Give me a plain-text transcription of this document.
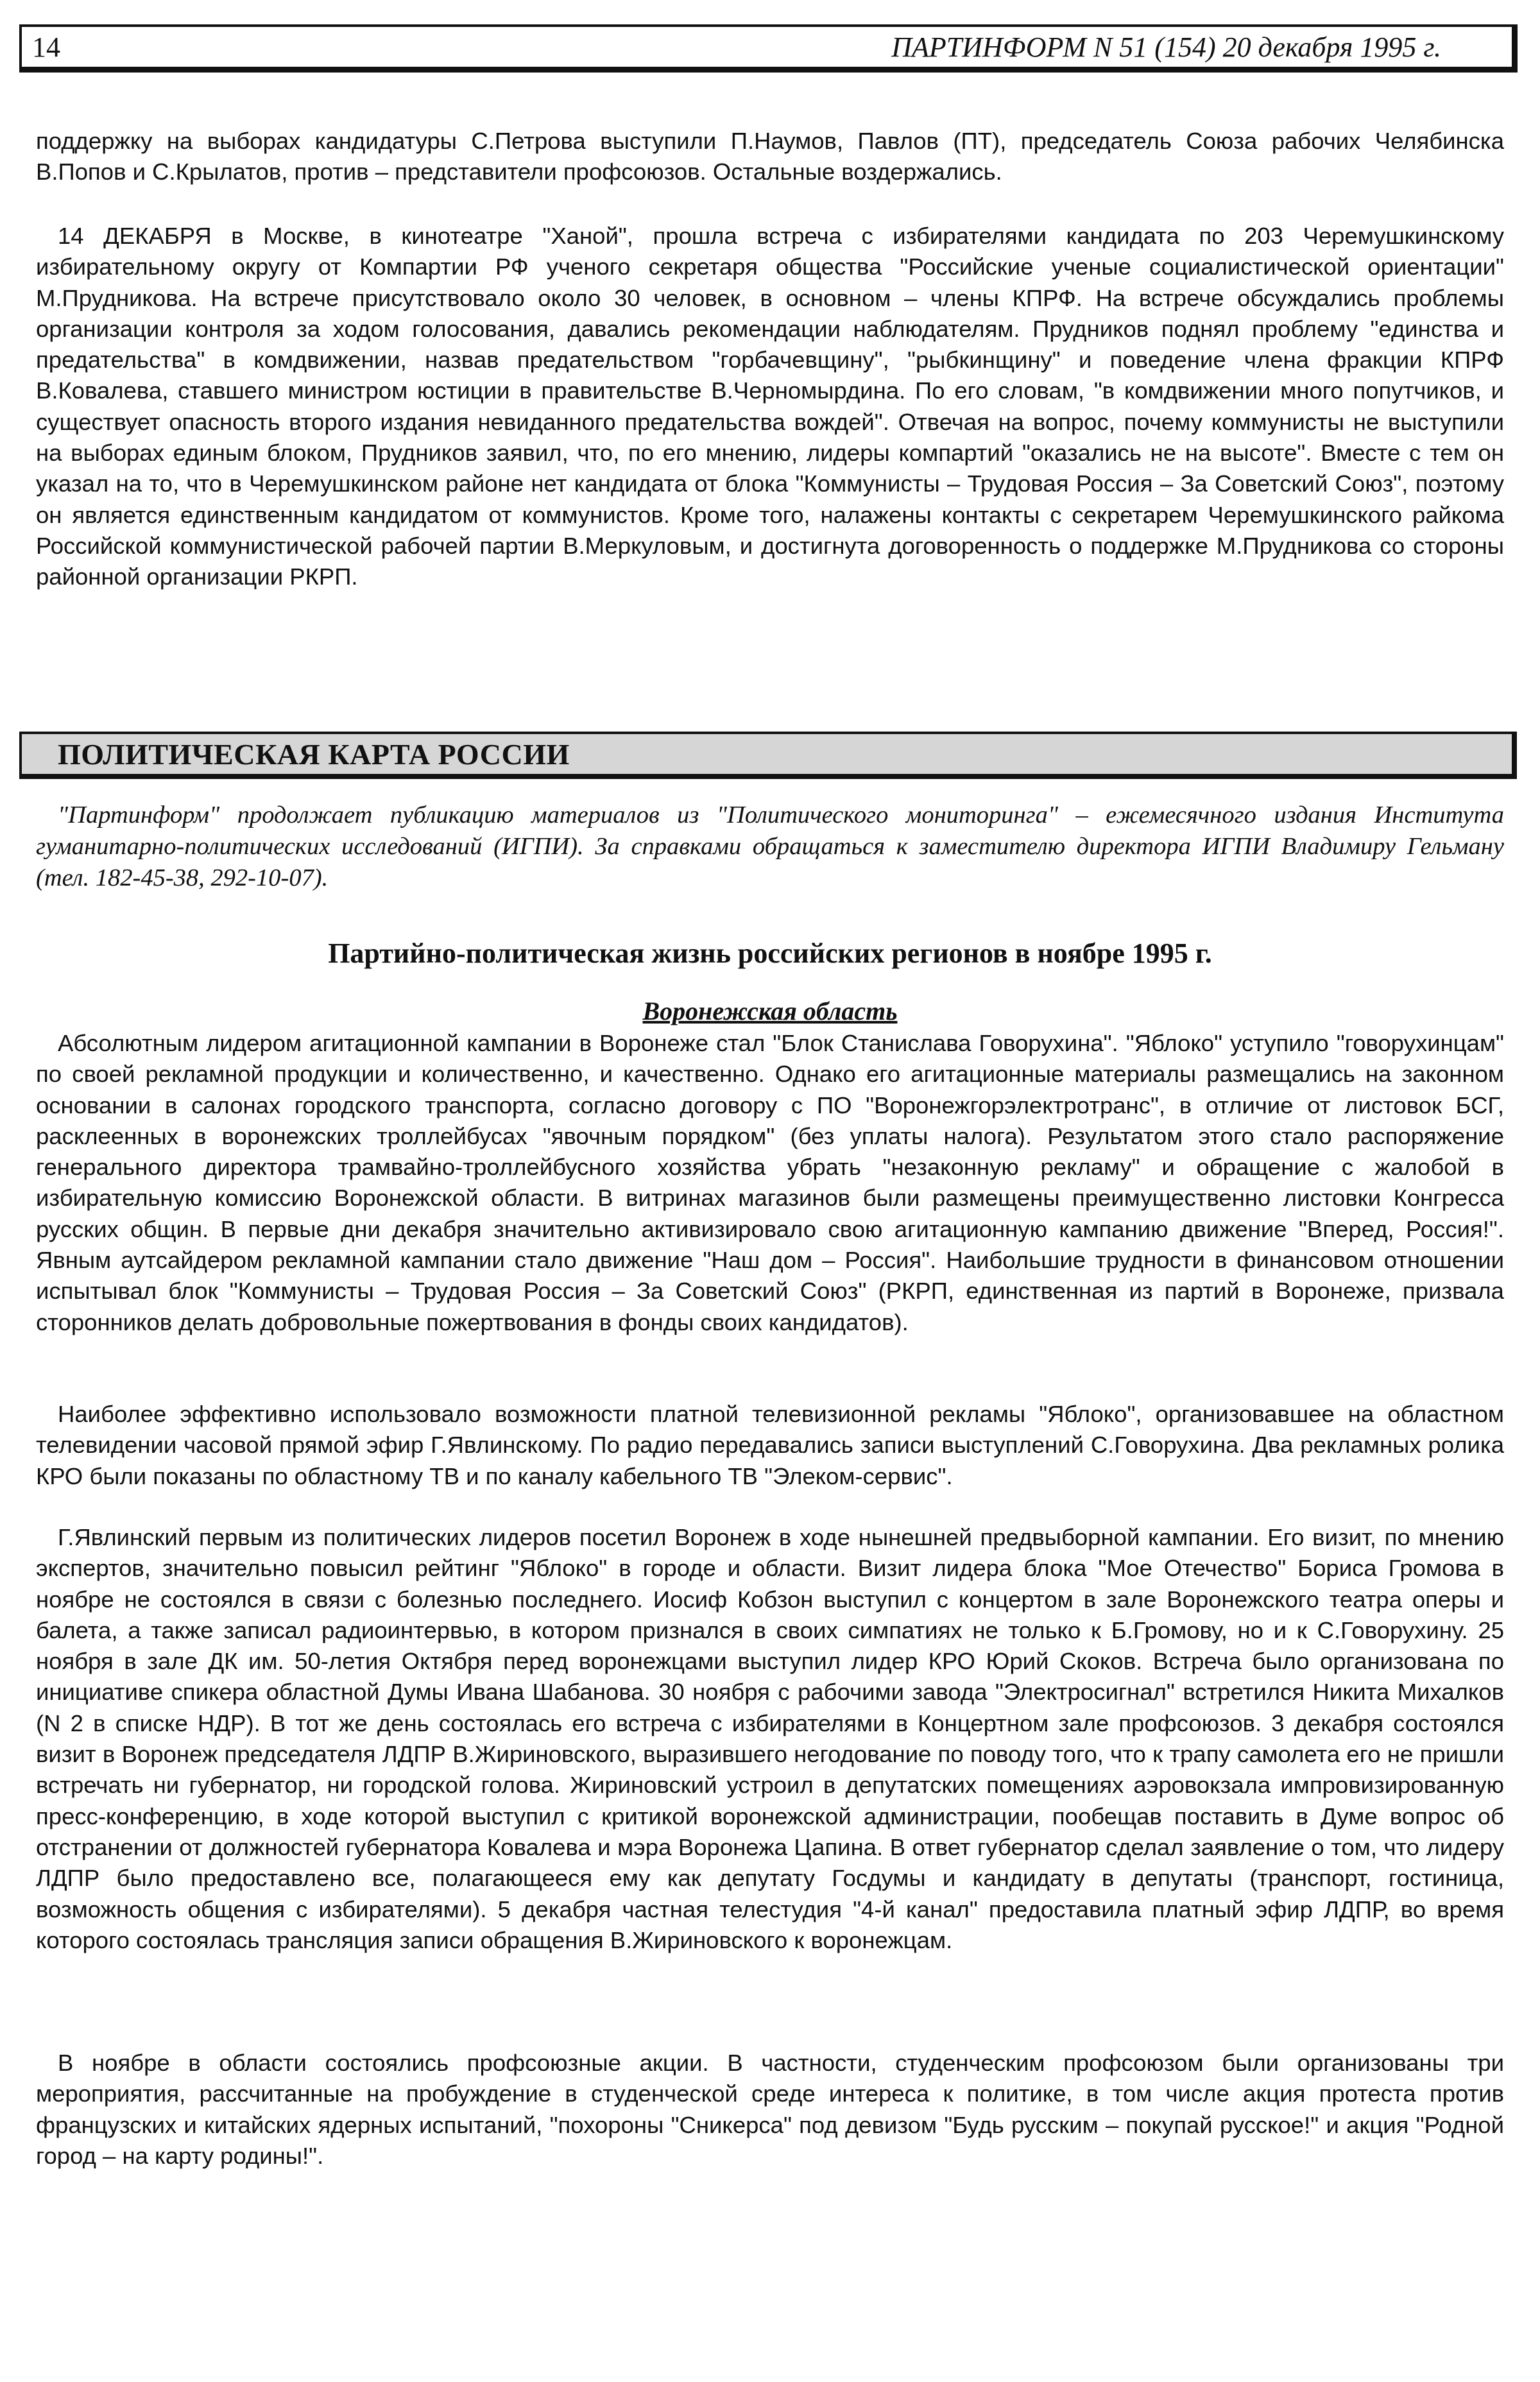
14	ПАРТИНФОРМ N 51 (154) 20 декабря 1995 г.

поддержку на выборах кандидатуры С.Петрова выступили П.Наумов, Павлов (ПТ), председатель Союза рабочих Челябинска В.Попов и С.Крылатов, против – представители профсоюзов. Остальные воздержались.

14 ДЕКАБРЯ в Москве, в кинотеатре "Ханой", прошла встреча с избирателями кандидата по 203 Черемушкинскому избирательному округу от Компартии РФ ученого секретаря общества "Российские ученые социалистической ориентации" М.Прудникова. На встрече присутствовало около 30 человек, в основном – члены КПРФ. На встрече обсуждались проблемы организации контроля за ходом голосования, давались рекомендации наблюдателям. Прудников поднял проблему "единства и предательства" в комдвижении, назвав предательством "горбачевщину", "рыбкинщину" и поведение члена фракции КПРФ В.Ковалева, ставшего министром юстиции в правительстве В.Черномырдина. По его словам, "в комдвижении много попутчиков, и существует опасность второго издания невиданного предательства вождей". Отвечая на вопрос, почему коммунисты не выступили на выборах единым блоком, Прудников заявил, что, по его мнению, лидеры компартий "оказались не на высоте". Вместе с тем он указал на то, что в Черемушкинском районе нет кандидата от блока "Коммунисты – Трудовая Россия – За Советский Союз", поэтому он является единственным кандидатом от коммунистов. Кроме того, налажены контакты с секретарем Черемушкинского райкома Российской коммунистической рабочей партии В.Меркуловым, и достигнута договоренность о поддержке М.Прудникова со стороны районной организации РКРП.

ПОЛИТИЧЕСКАЯ КАРТА РОССИИ

"Партинформ" продолжает публикацию материалов из "Политического мониторинга" – ежемесячного издания Института гуманитарно-политических исследований (ИГПИ). За справками обращаться к заместителю директора ИГПИ Владимиру Гельману (тел. 182-45-38, 292-10-07).

Партийно-политическая жизнь российских регионов в ноябре 1995 г.
Воронежская область

Абсолютным лидером агитационной кампании в Воронеже стал "Блок Станислава Говорухина". "Яблоко" уступило "говорухинцам" по своей рекламной продукции и количественно, и качественно. Однако его агитационные материалы размещались на законном основании в салонах городского транспорта, согласно договору с ПО "Воронежгорэлектротранс", в отличие от листовок БСГ, расклеенных в воронежских троллейбусах "явочным порядком" (без уплаты налога). Результатом этого стало распоряжение генерального директора трамвайно-троллейбусного хозяйства убрать "незаконную рекламу" и обращение с жалобой в избирательную комиссию Воронежской области. В витринах магазинов были размещены преимущественно листовки Конгресса русских общин. В первые дни декабря значительно активизировало свою агитационную кампанию движение "Вперед, Россия!". Явным аутсайдером рекламной кампании стало движение "Наш дом – Россия". Наибольшие трудности в финансовом отношении испытывал блок "Коммунисты – Трудовая Россия – За Советский Союз" (РКРП, единственная из партий в Воронеже, призвала сторонников делать добровольные пожертвования в фонды своих кандидатов).

Наиболее эффективно использовало возможности платной телевизионной рекламы "Яблоко", организовавшее на областном телевидении часовой прямой эфир Г.Явлинскому. По радио передавались записи выступлений С.Говорухина. Два рекламных ролика КРО были показаны по областному ТВ и по каналу кабельного ТВ "Элеком-сервис".

Г.Явлинский первым из политических лидеров посетил Воронеж в ходе нынешней предвыборной кампании. Его визит, по мнению экспертов, значительно повысил рейтинг "Яблоко" в городе и области. Визит лидера блока "Мое Отечество" Бориса Громова в ноябре не состоялся в связи с болезнью последнего. Иосиф Кобзон выступил с концертом в зале Воронежского театра оперы и балета, а также записал радиоинтервью, в котором признался в своих симпатиях не только к Б.Громову, но и к С.Говорухину. 25 ноября в зале ДК им. 50-летия Октября перед воронежцами выступил лидер КРО Юрий Скоков. Встреча было организована по инициативе спикера областной Думы Ивана Шабанова. 30 ноября с рабочими завода "Электросигнал" встретился Никита Михалков (N 2 в списке НДР). В тот же день состоялась его встреча с избирателями в Концертном зале профсоюзов. 3 декабря состоялся визит в Воронеж председателя ЛДПР В.Жириновского, выразившего негодование по поводу того, что к трапу самолета его не пришли встречать ни губернатор, ни городской голова. Жириновский устроил в депутатских помещениях аэровокзала импровизированную пресс-конференцию, в ходе которой выступил с критикой воронежской администрации, пообещав поставить в Думе вопрос об отстранении от должностей губернатора Ковалева и мэра Воронежа Цапина. В ответ губернатор сделал заявление о том, что лидеру ЛДПР было предоставлено все, полагающееся ему как депутату Госдумы и кандидату в депутаты (транспорт, гостиница, возможность общения с избирателями). 5 декабря частная телестудия "4-й канал" предоставила платный эфир ЛДПР, во время которого состоялась трансляция записи обращения В.Жириновского к воронежцам.

В ноябре в области состоялись профсоюзные акции. В частности, студенческим профсоюзом были организованы три мероприятия, рассчитанные на пробуждение в студенческой среде интереса к политике, в том числе акция протеста против французских и китайских ядерных испытаний, "похороны "Сникерса" под девизом "Будь русским – покупай русское!" и акция "Родной город – на карту родины!".
